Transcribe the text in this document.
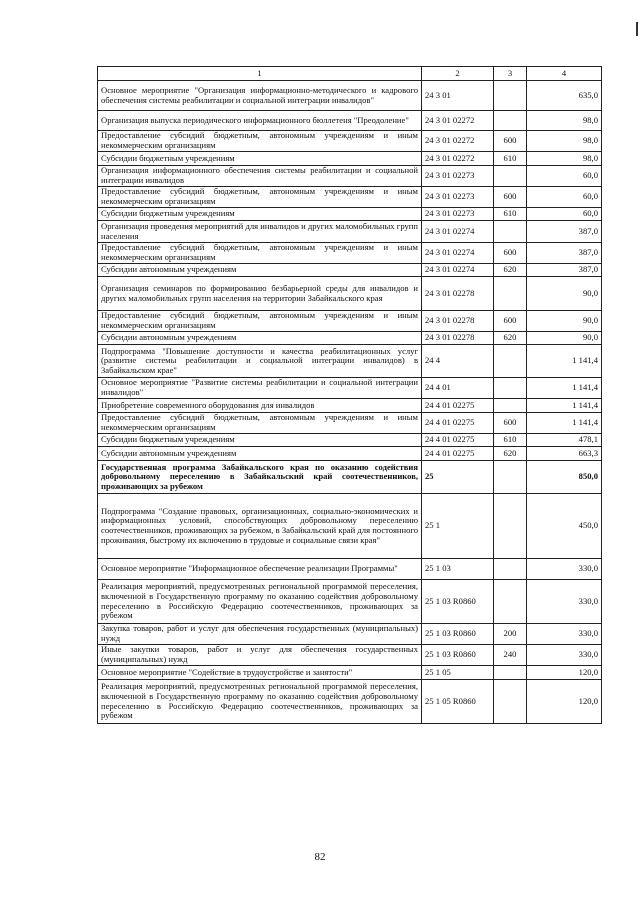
1	2	3	4
Основное мероприятие "Организация информационно-методического и кадрового обеспечения системы реабилитации и социальной интеграции инвалидов"	24 3 01		635,0
Организация выпуска периодического информационного бюллетеня "Преодоление"	24 3 01 02272		98,0
Предоставление субсидий бюджетным, автономным учреждениям и иным некоммерческим организациям	24 3 01 02272	600	98,0
Субсидии бюджетным учреждениям	24 3 01 02272	610	98,0
Организация информационного обеспечения системы реабилитации и социальной интеграции инвалидов	24 3 01 02273		60,0
Предоставление субсидий бюджетным, автономным учреждениям и иным некоммерческим организациям	24 3 01 02273	600	60,0
Субсидии бюджетным учреждениям	24 3 01 02273	610	60,0
Организация проведения мероприятий для инвалидов и других маломобильных групп населения	24 3 01 02274		387,0
Предоставление субсидий бюджетным, автономным учреждениям и иным некоммерческим организациям	24 3 01 02274	600	387,0
Субсидии автономным учреждениям	24 3 01 02274	620	387,0
Организация семинаров по формированию безбарьерной среды для инвалидов и других маломобильных групп населения на территории Забайкальского края	24 3 01 02278		90,0
Предоставление субсидий бюджетным, автономным учреждениям и иным некоммерческим организациям	24 3 01 02278	600	90,0
Субсидии автономным учреждениям	24 3 01 02278	620	90,0
Подпрограмма "Повышение доступности и качества реабилитационных услуг (развитие системы реабилитации и социальной интеграции инвалидов) в Забайкальском крае"	24 4		1 141,4
Основное мероприятие "Развитие системы реабилитации и социальной интеграции инвалидов"	24 4 01		1 141,4
Приобретение современного оборудования для инвалидов	24 4 01 02275		1 141,4
Предоставление субсидий бюджетным, автономным учреждениям и иным некоммерческим организациям	24 4 01 02275	600	1 141,4
Субсидии бюджетным учреждениям	24 4 01 02275	610	478,1
Субсидии автономным учреждениям	24 4 01 02275	620	663,3
Государственная программа Забайкальского края по оказанию содействия добровольному переселению в Забайкальский край соотечественников, проживающих за рубежом	25		850,0
Подпрограмма "Создание правовых, организационных, социально-экономических и информационных условий, способствующих добровольному переселению соотечественников, проживающих за рубежом, в Забайкальский край для постоянного проживания, быстрому их включению в трудовые и социальные связи края"	25 1		450,0
Основное мероприятие "Информационное обеспечение реализации Программы"	25 1 03		330,0
Реализация мероприятий, предусмотренных региональной программой переселения, включенной в Государственную программу по оказанию содействия добровольному переселению в Российскую Федерацию соотечественников, проживающих за рубежом	25 1 03 R0860		330,0
Закупка товаров, работ и услуг для обеспечения государственных (муниципальных) нужд	25 1 03 R0860	200	330,0
Иные закупки товаров, работ и услуг для обеспечения государственных (муниципальных) нужд	25 1 03 R0860	240	330,0
Основное мероприятие "Содействие в трудоустройстве и занятости"	25 1 05		120,0
Реализация мероприятий, предусмотренных региональной программой переселения, включенной в Государственную программу по оказанию содействия добровольному переселению в Российскую Федерацию соотечественников, проживающих за рубежом	25 1 05 R0860		120,0
82
